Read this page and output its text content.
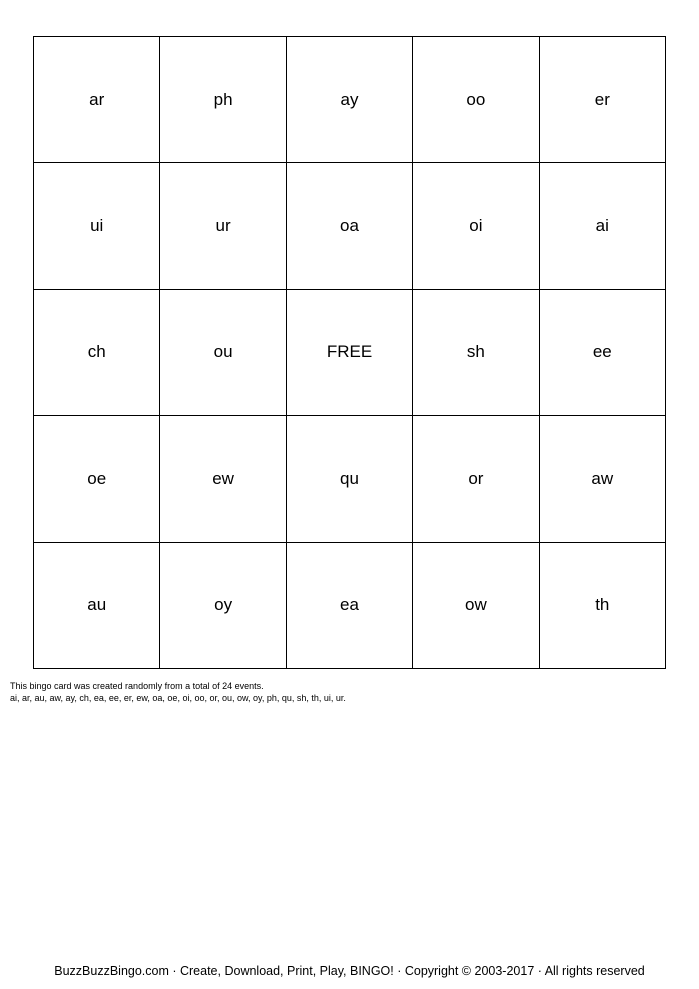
ar	ph	ay	oo	er
ui	ur	oa	oi	ai
ch	ou	FREE	sh	ee
oe	ew	qu	or	aw
au	oy	ea	ow	th
This bingo card was created randomly from a total of 24 events.
ai, ar, au, aw, ay, ch, ea, ee, er, ew, oa, oe, oi, oo, or, ou, ow, oy, ph, qu, sh, th, ui, ur.
BuzzBuzzBingo.com · Create, Download, Print, Play, BINGO! · Copyright © 2003-2017 · All rights reserved
